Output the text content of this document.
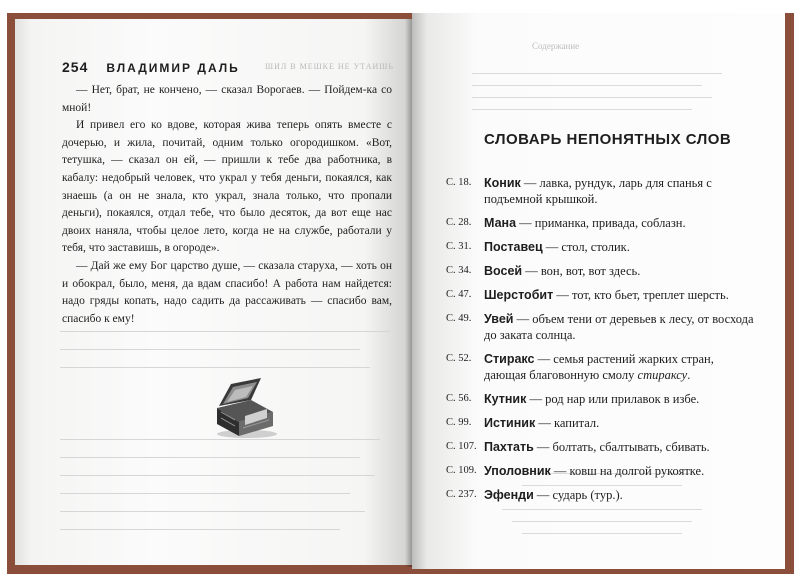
254 ВЛАДИМИР ДАЛЬ	ШИЛ В МЕШКЕ НЕ УТАИШЬ

— Нет, брат, не кончено, — сказал Ворогаев. — Пойдем-ка со мной!

И привел его ко вдове, которая жива теперь опять вместе с дочерью, и жила, почитай, одним только огородишком. «Вот, тетушка, — сказал он ей, — пришли к тебе два работника, в кабалу: недобрый человек, что украл у тебя деньги, покаялся, как знаешь (а он не знала, кто украл, знала только, что пропали деньги), покаялся, отдал тебе, что было десяток, да вот еще нас двоих наняла, чтобы целое лето, когда не на службе, работали у тебя, что заставишь, в огороде».

— Дай же ему Бог царство душе, — сказала старуха, — хоть он и обокрал, было, меня, да вдам спасибо! А работа нам найдется: надо гряды копать, надо садить да рассаживать — спасибо вам, спасибо к ему!

Содержание
СЛОВАРЬ НЕПОНЯТНЫХ СЛОВ
С. 18. Коник — лавка, рундук, ларь для спанья с подъемной крышкой.
С. 28. Мана — приманка, привада, соблазн.
С. 31. Поставец — стол, столик.
С. 34. Восей — вон, вот, вот здесь.
С. 47. Шерстобит — тот, кто бьет, треплет шерсть.
С. 49. Увей — объем тени от деревьев к лесу, от восхода до заката солнца.
С. 52. Стиракс — семья растений жарких стран, дающая благовонную смолу стираксу.
С. 56. Кутник — род нар или прилавок в избе.
С. 99. Истиник — капитал.
С. 107. Пахтать — болтать, сбалтывать, сбивать.
С. 109. Уполовник — ковш на долгой рукоятке.
С. 237. Эфенди — сударь (тур.).
